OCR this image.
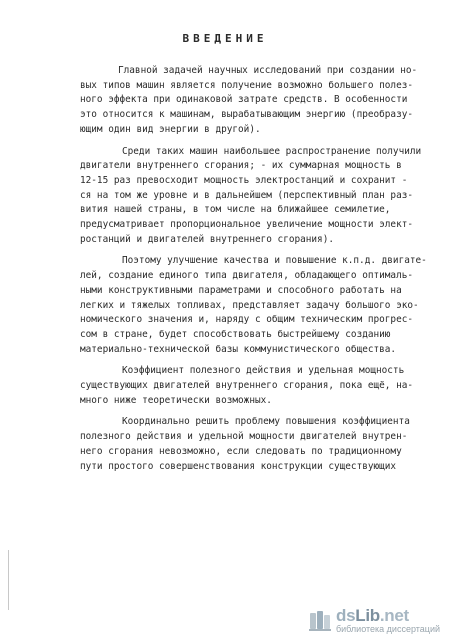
ВВЕДЕНИЕ

Главной задачей научных исследований при создании но-
вых типов машин является получение возможно большего полез-
ного эффекта при одинаковой затрате средств. В особенности
это относится к машинам, вырабатывающим энергию (преобразу-
ющим один вид энергии в другой).

Среди таких машин наибольшее распространение получили
двигатели внутреннего сгорания; - их суммарная мощность в
12-15 раз превосходит мощность электростанций и сохранит -
ся на том же уровне и в дальнейшем (перспективный план раз-
вития нашей страны, в том числе на ближайшее семилетие,
предусматривает пропорциональное увеличение мощности элект-
ростанций и двигателей внутреннего сгорания).

Поэтому улучшение качества и повышение к.п.д. двигате-
лей, создание единого типа двигателя, обладающего оптималь-
ными конструктивными параметрами и способного работать на
легких и тяжелых топливах, представляет задачу большого эко-
номического значения и, наряду с общим техническим прогрес-
сом в стране, будет способствовать быстрейшему созданию
материально-технической базы коммунистического общества.

Коэффициент полезного действия и удельная мощность
существующих двигателей внутреннего сгорания, пока ещё, на-
много ниже теоретически возможных.

Координально решить проблему повышения коэффициента
полезного действия и удельной мощности двигателей внутрен-
него сгорания невозможно, если следовать по традиционному
пути простого совершенствования конструкции существующих

dsLib.net
библиотека диссертаций
